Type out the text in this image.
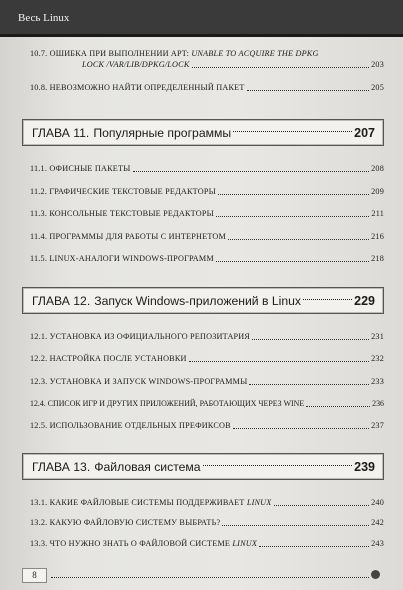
Весь Linux
10.7. ОШИБКА ПРИ ВЫПОЛНЕНИИ APT: UNABLE TO ACQUIRE THE DPKG
LOCK /VAR/LIB/DPKG/LOCK	203
10.8. НЕВОЗМОЖНО НАЙТИ ОПРЕДЕЛЕННЫЙ ПАКЕТ	205
ГЛАВА 11. Популярные программы	207
11.1. ОФИСНЫЕ ПАКЕТЫ	208
11.2. ГРАФИЧЕСКИЕ ТЕКСТОВЫЕ РЕДАКТОРЫ	209
11.3. КОНСОЛЬНЫЕ ТЕКСТОВЫЕ РЕДАКТОРЫ	211
11.4. ПРОГРАММЫ ДЛЯ РАБОТЫ С ИНТЕРНЕТОМ	216
11.5. LINUX-АНАЛОГИ WINDOWS-ПРОГРАММ	218
ГЛАВА 12. Запуск Windows-приложений в Linux	229
12.1. УСТАНОВКА ИЗ ОФИЦИАЛЬНОГО РЕПОЗИТАРИЯ	231
12.2. НАСТРОЙКА ПОСЛЕ УСТАНОВКИ	232
12.3. УСТАНОВКА И ЗАПУСК WINDOWS-ПРОГРАММЫ	233
12.4. СПИСОК ИГР И ДРУГИХ ПРИЛОЖЕНИЙ, РАБОТАЮЩИХ ЧЕРЕЗ WINE	236
12.5. ИСПОЛЬЗОВАНИЕ ОТДЕЛЬНЫХ ПРЕФИКСОВ	237
ГЛАВА 13. Файловая система	239
13.1. КАКИЕ ФАЙЛОВЫЕ СИСТЕМЫ ПОДДЕРЖИВАЕТ LINUX	240
13.2. КАКУЮ ФАЙЛОВУЮ СИСТЕМУ ВЫБРАТЬ?	242
13.3. ЧТО НУЖНО ЗНАТЬ О ФАЙЛОВОЙ СИСТЕМЕ LINUX	243
8
